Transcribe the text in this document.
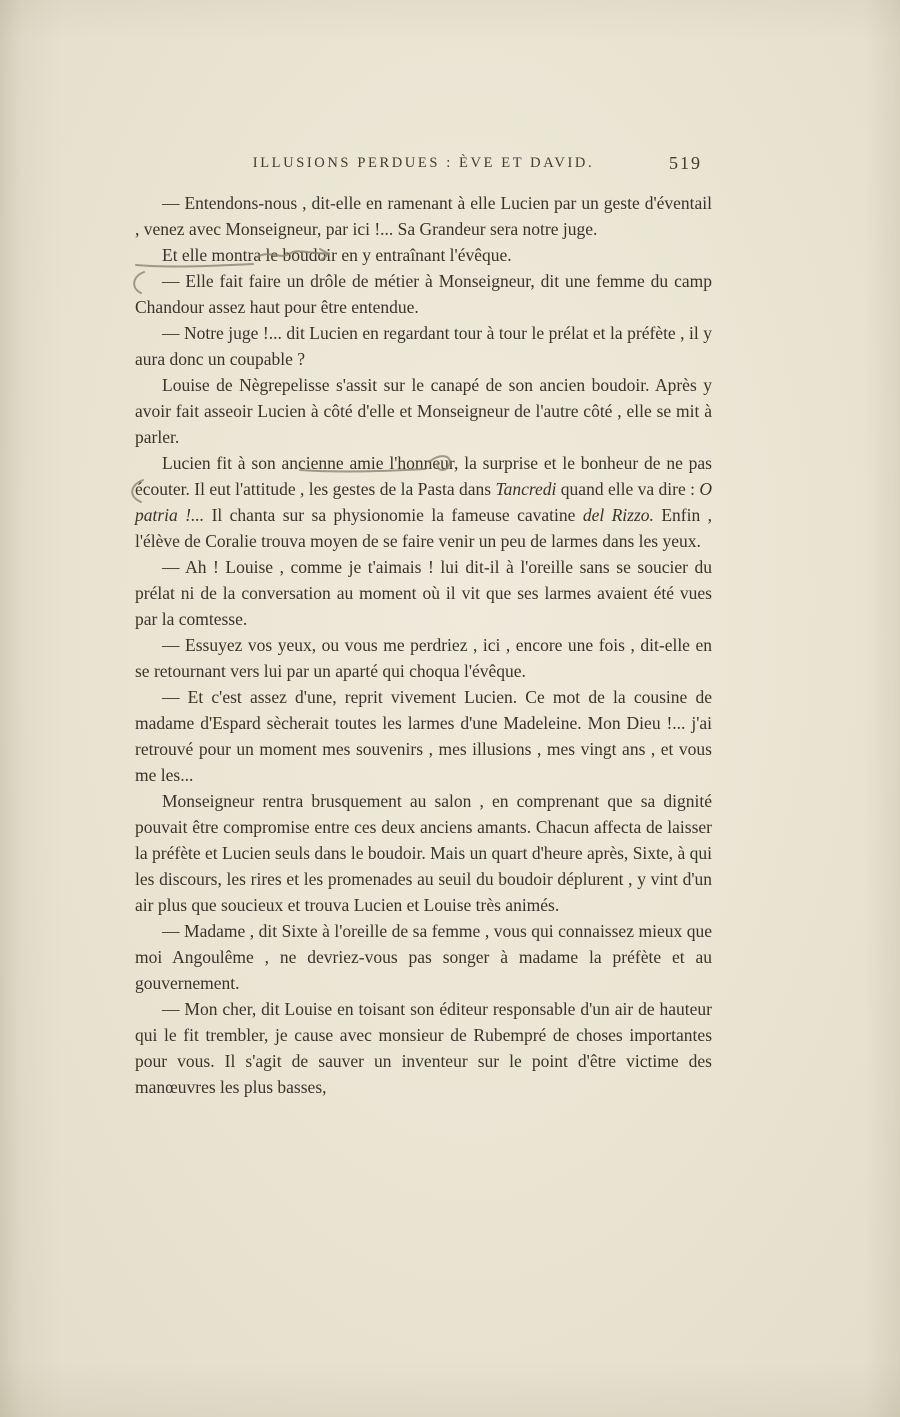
ILLUSIONS PERDUES : ÈVE ET DAVID.	519

— Entendons-nous , dit-elle en ramenant à elle Lucien par un geste d'éventail , venez avec Monseigneur, par ici !... Sa Grandeur sera notre juge.

Et elle montra le boudoir en y entraînant l'évêque.

— Elle fait faire un drôle de métier à Monseigneur, dit une femme du camp Chandour assez haut pour être entendue.

— Notre juge !... dit Lucien en regardant tour à tour le prélat et la préfète , il y aura donc un coupable ?

Louise de Nègrepelisse s'assit sur le canapé de son ancien boudoir. Après y avoir fait asseoir Lucien à côté d'elle et Monseigneur de l'autre côté , elle se mit à parler.

Lucien fit à son ancienne amie l'honneur, la surprise et le bonheur de ne pas écouter. Il eut l'attitude , les gestes de la Pasta dans Tancredi quand elle va dire : O patria !... Il chanta sur sa physionomie la fameuse cavatine del Rizzo. Enfin , l'élève de Coralie trouva moyen de se faire venir un peu de larmes dans les yeux.

— Ah ! Louise , comme je t'aimais ! lui dit-il à l'oreille sans se soucier du prélat ni de la conversation au moment où il vit que ses larmes avaient été vues par la comtesse.

— Essuyez vos yeux, ou vous me perdriez , ici , encore une fois , dit-elle en se retournant vers lui par un aparté qui choqua l'évêque.

— Et c'est assez d'une, reprit vivement Lucien. Ce mot de la cousine de madame d'Espard sècherait toutes les larmes d'une Madeleine. Mon Dieu !... j'ai retrouvé pour un moment mes souvenirs , mes illusions , mes vingt ans , et vous me les...

Monseigneur rentra brusquement au salon , en comprenant que sa dignité pouvait être compromise entre ces deux anciens amants. Chacun affecta de laisser la préfète et Lucien seuls dans le boudoir. Mais un quart d'heure après, Sixte, à qui les discours, les rires et les promenades au seuil du boudoir déplurent , y vint d'un air plus que soucieux et trouva Lucien et Louise très animés.

— Madame , dit Sixte à l'oreille de sa femme , vous qui connaissez mieux que moi Angoulême , ne devriez-vous pas songer à madame la préfète et au gouvernement.

— Mon cher, dit Louise en toisant son éditeur responsable d'un air de hauteur qui le fit trembler, je cause avec monsieur de Rubempré de choses importantes pour vous. Il s'agit de sauver un inventeur sur le point d'être victime des manœuvres les plus basses,
